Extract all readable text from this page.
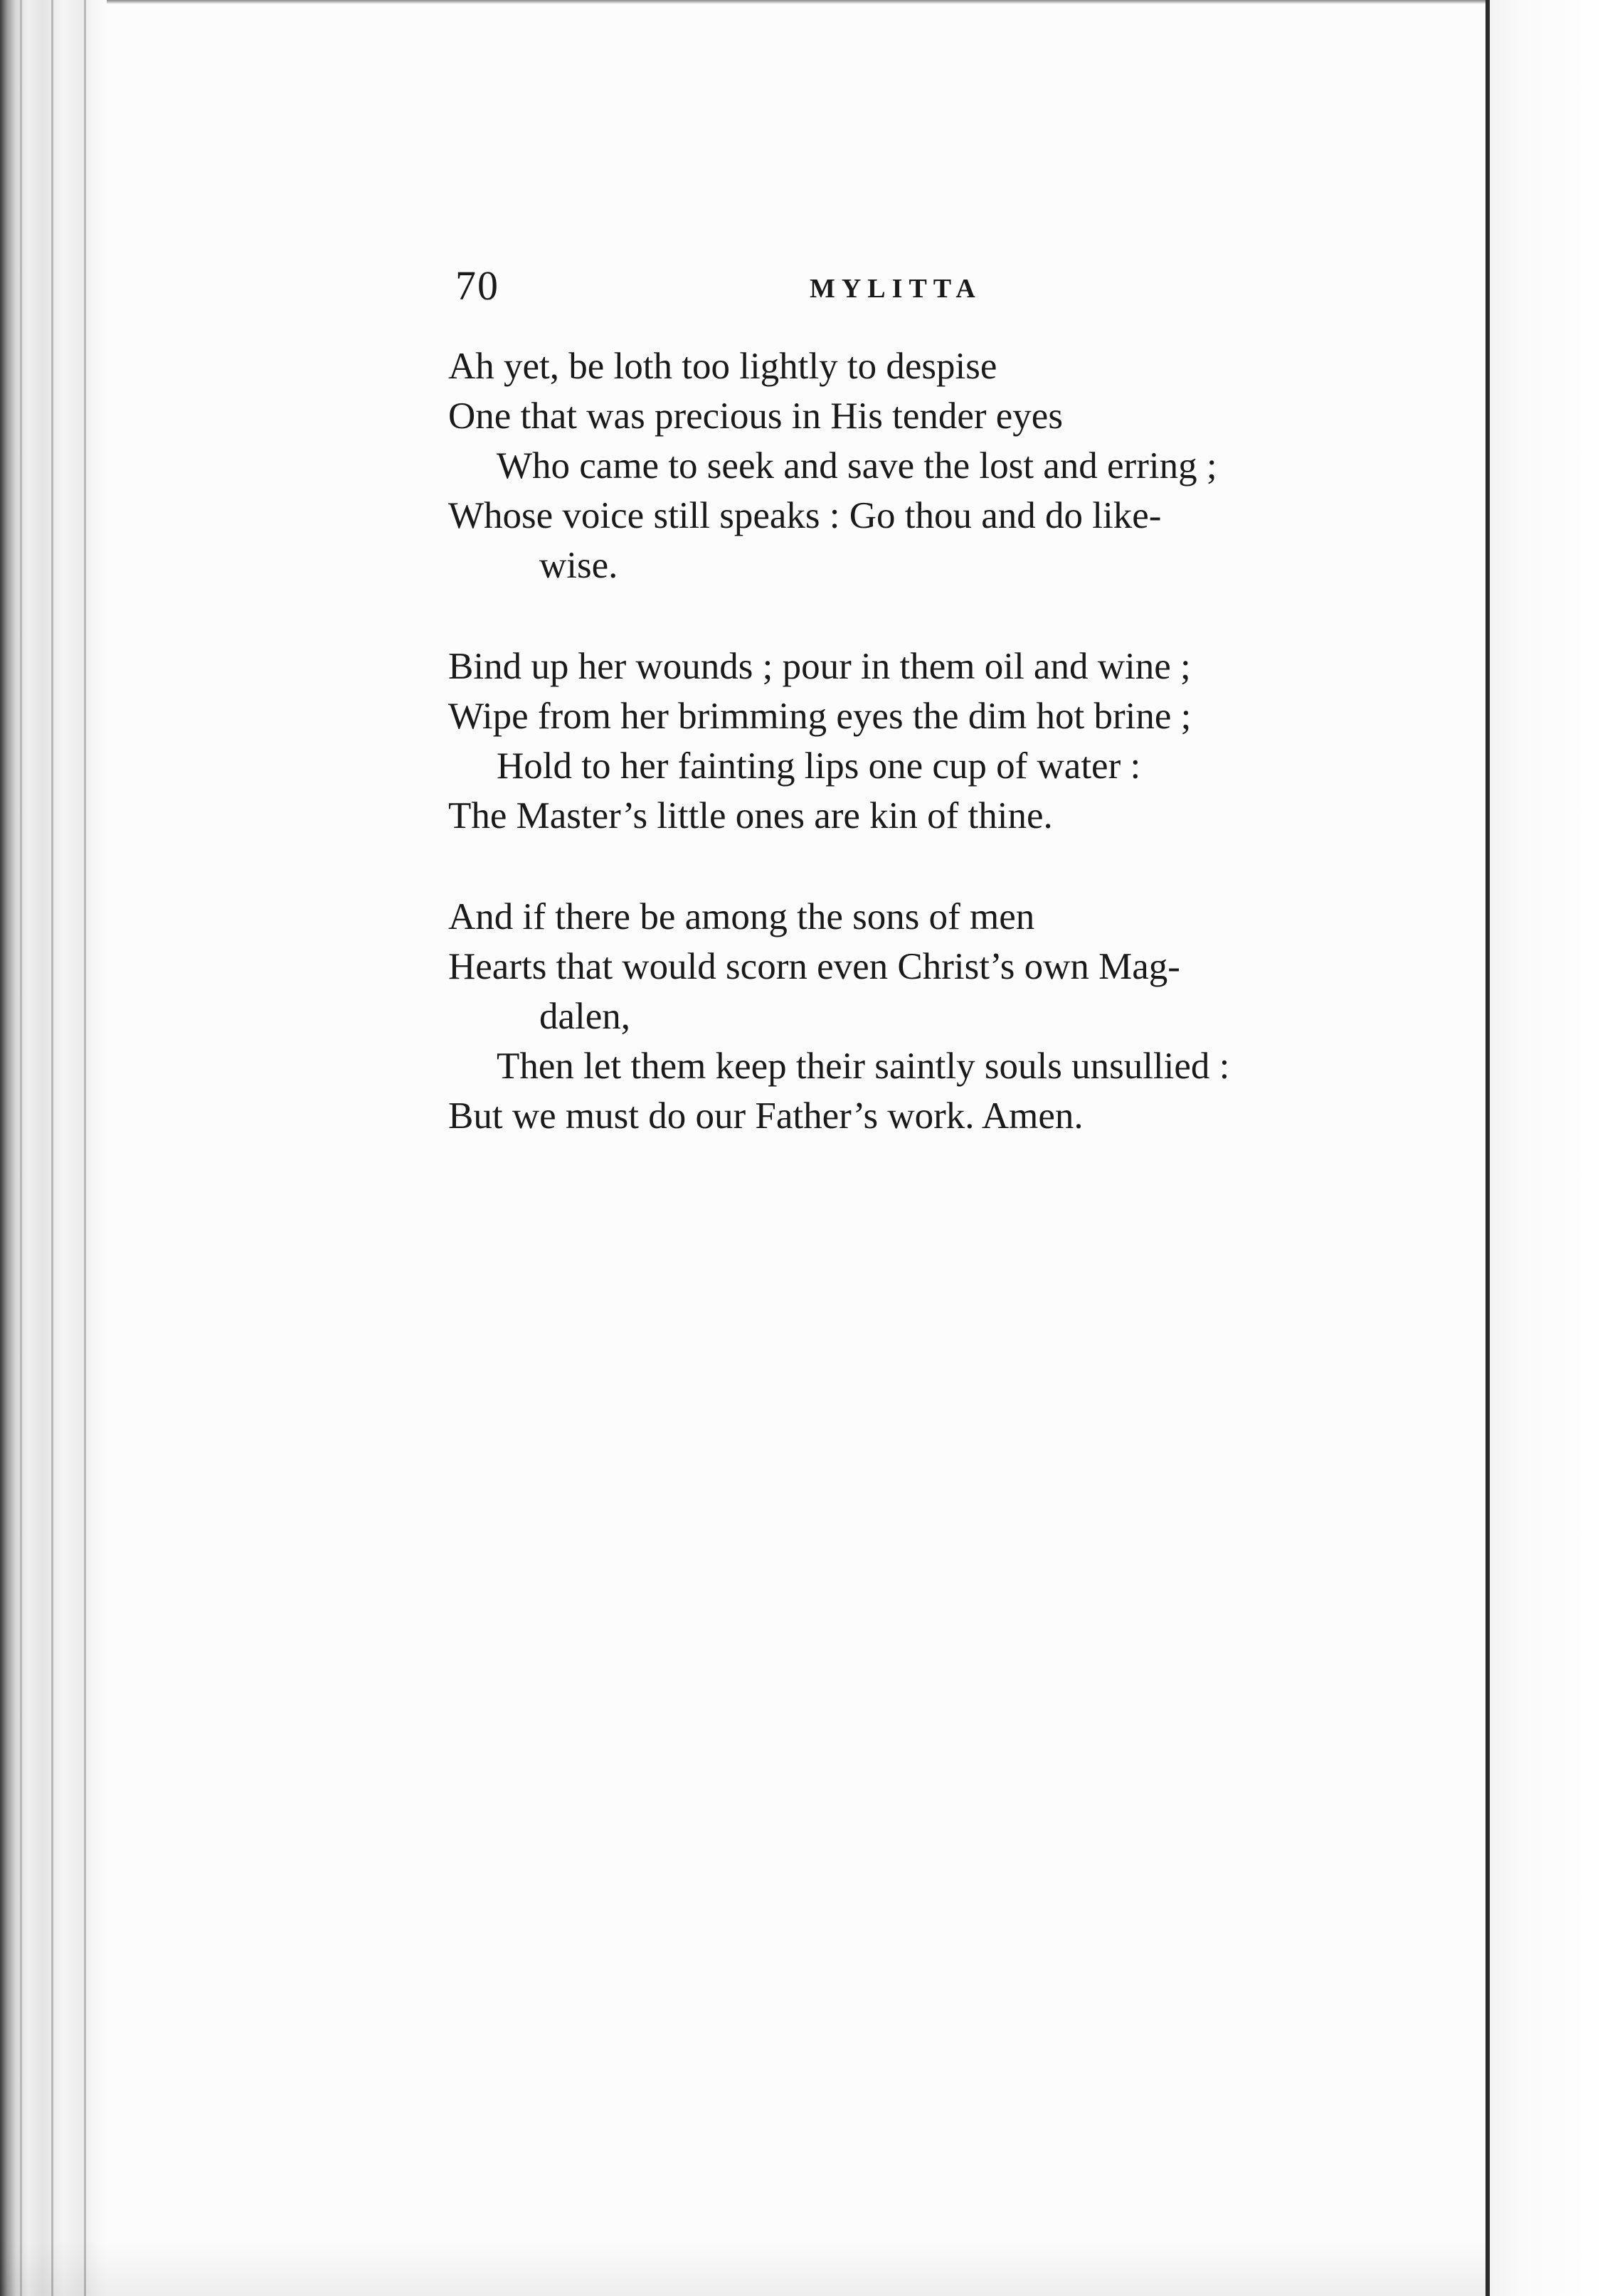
70	MYLITTA
Ah yet, be loth too lightly to despise
One that was precious in His tender eyes
Who came to seek and save the lost and erring ;
Whose voice still speaks : Go thou and do like-
wise.
Bind up her wounds ; pour in them oil and wine ;
Wipe from her brimming eyes the dim hot brine ;
Hold to her fainting lips one cup of water :
The Master’s little ones are kin of thine.
And if there be among the sons of men
Hearts that would scorn even Christ’s own Mag-
dalen,
Then let them keep their saintly souls unsullied :
But we must do our Father’s work. Amen.
